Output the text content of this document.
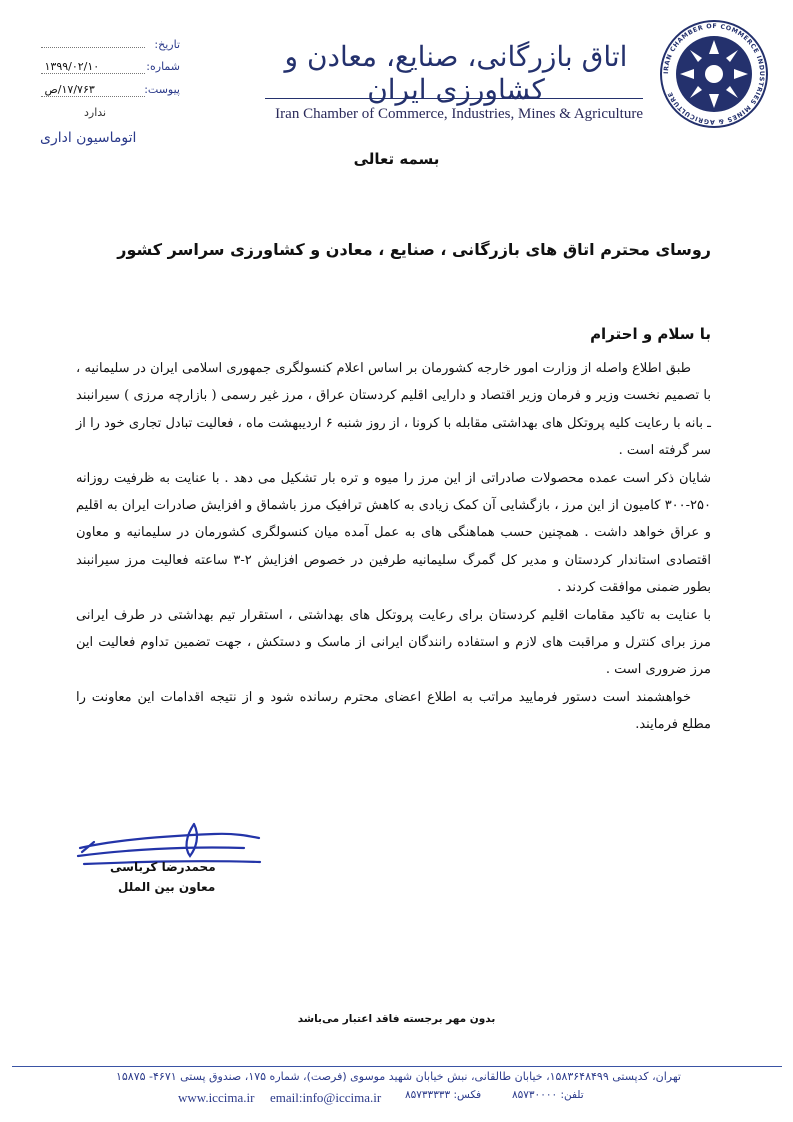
IRAN CHAMBER OF COMMERCE INDUSTRIES MINES & AGRICULTURE
اتاق بازرگانی، صنایع، معادن و کشاورزی ایران
Iran Chamber of Commerce, Industries, Mines & Agriculture
تاریخ:
شماره: ۱۳۹۹/۰۲/۱۰
پیوست: ۱۷/۷۶۳/ص
ندارد
اتوماسیون اداری
بسمه تعالی
روسای محترم اتاق های بازرگانی ، صنایع ، معادن و کشاورزی سراسر کشور
با سلام و احترام

طبق اطلاع واصله از وزارت امور خارجه کشورمان بر اساس اعلام کنسولگری جمهوری اسلامی ایران در سلیمانیه ، با تصمیم نخست وزیر و فرمان وزیر اقتصاد و دارایی اقلیم کردستان عراق ، مرز غیر رسمی ( بازارچه مرزی ) سیرانبند ـ بانه با رعایت کلیه پروتکل های بهداشتی مقابله با کرونا ، از روز شنبه ۶ اردیبهشت ماه ، فعالیت تبادل تجاری خود را از سر گرفته است .

شایان ذکر است عمده محصولات صادراتی از این مرز را میوه و تره بار تشکیل می دهد . با عنایت به ظرفیت روزانه ۲۵۰-۳۰۰ کامیون از این مرز ، بازگشایی آن کمک زیادی به کاهش ترافیک مرز باشماق و افزایش صادرات ایران به اقلیم و عراق خواهد داشت . همچنین حسب هماهنگی های به عمل آمده میان کنسولگری کشورمان در سلیمانیه و معاون اقتصادی استاندار کردستان و مدیر کل گمرگ سلیمانیه طرفین در خصوص افزایش ۲-۳ ساعته فعالیت مرز سیرانبند بطور ضمنی موافقت کردند .

با عنایت به تاکید مقامات اقلیم کردستان برای رعایت پروتکل های بهداشتی ، استقرار تیم بهداشتی در طرف ایرانی مرز برای کنترل و مراقبت های لازم و استفاده رانندگان ایرانی از ماسک و دستکش ، جهت تضمین تداوم فعالیت این مرز ضروری است .

خواهشمند است دستور فرمایید مراتب به اطلاع اعضای محترم رسانده شود و از نتیجه اقدامات این معاونت را مطلع فرمایند.

محمدرضا کرباسی
معاون بین الملل
بدون مهر برجسته فاقد اعتبار می‌باشد
تهران، کدپستی ۱۵۸۳۶۴۸۴۹۹، خیابان طالقانی، نبش خیابان شهید موسوی (فرصت)، شماره ۱۷۵، صندوق پستی ۴۶۷۱- ۱۵۸۷۵
www.iccima.ir email:info@iccima.ir فکس: ۸۵۷۳۳۳۳۳	تلفن: ۸۵۷۳۰۰۰۰
